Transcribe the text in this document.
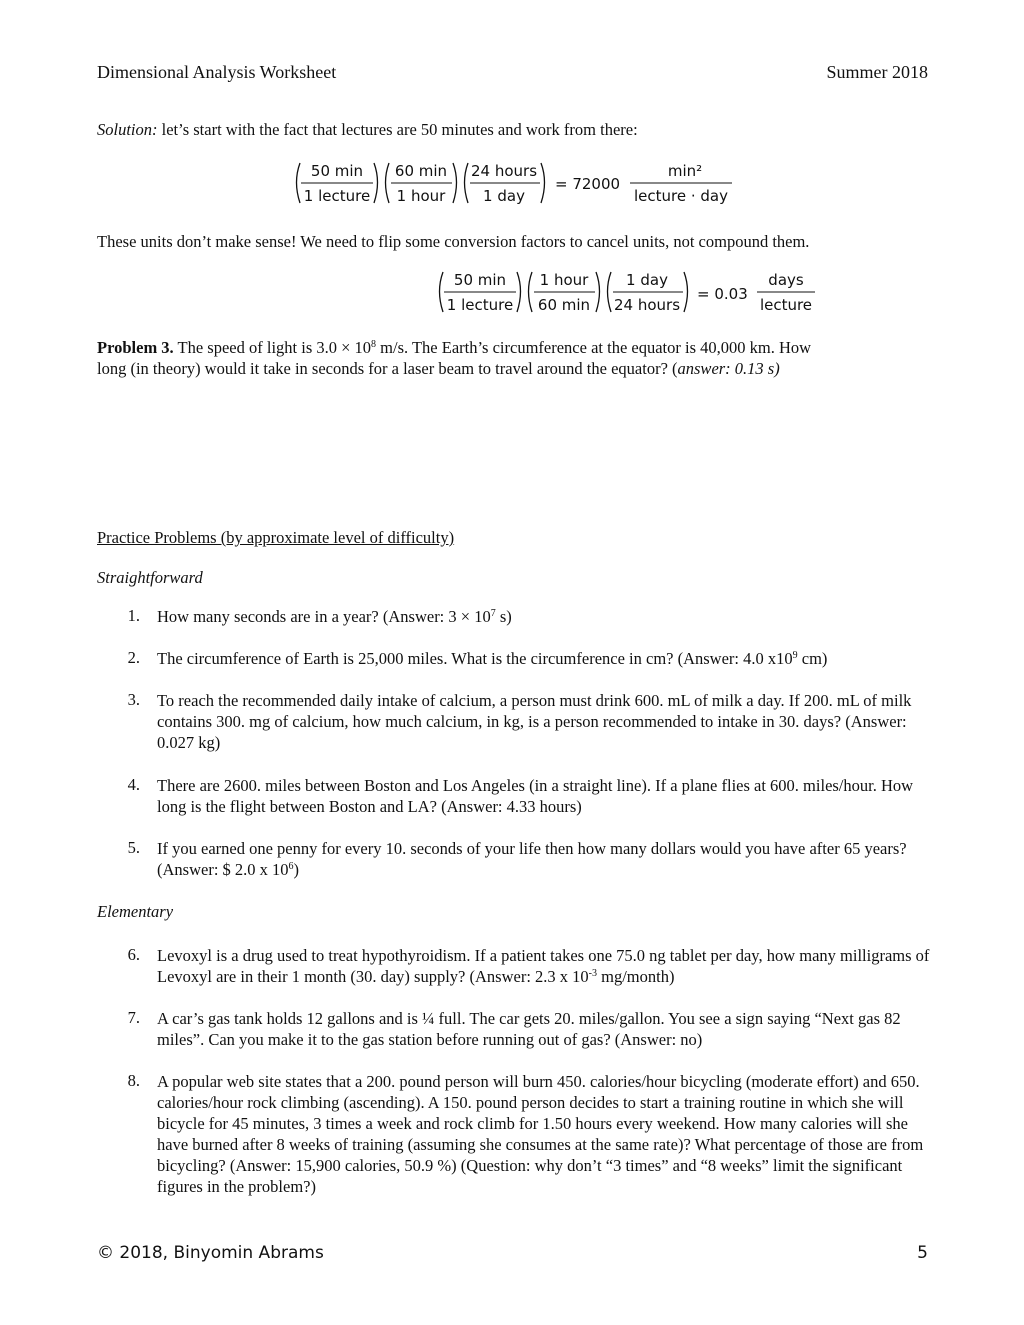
Dimensional Analysis Worksheet	Summer 2018
Solution: let’s start with the fact that lectures are 50 minutes and work from there:
50 min
1 lecture
60 min
1 hour
24 hours
1 day
= 72000
min²
lecture · day
These units don’t make sense! We need to flip some conversion factors to cancel units, not compound them.
50 min
1 lecture
1 hour
60 min
1 day
24 hours
= 0.03
days
lecture
Problem 3. The speed of light is $3.0 \times 10^8$ m/s. The Earth’s circumference at the equator is 40,000 km. How
long (in theory) would it take in seconds for a laser beam to travel around the equator? (answer: 0.13 s)
Practice Problems (by approximate level of difficulty)
Straightforward
1. How many seconds are in a year? (Answer: $3 \times 10^7$ s)
2. The circumference of Earth is 25,000 miles. What is the circumference in cm? (Answer: 4.0 $x10^9$ cm)
3. To reach the recommended daily intake of calcium, a person must drink 600. mL of milk a day. If 200. mL of milk contains 300. mg of calcium, how much calcium, in kg, is a person recommended to intake in 30. days? (Answer: 0.027 kg)
4. There are 2600. miles between Boston and Los Angeles (in a straight line). If a plane flies at 600. miles/hour. How long is the flight between Boston and LA? (Answer: 4.33 hours)
5. If you earned one penny for every 10. seconds of your life then how many dollars would you have after 65 years? (Answer: $ 2.0 x $10^6$)
Elementary
6. Levoxyl is a drug used to treat hypothyroidism. If a patient takes one 75.0 ng tablet per day, how many milligrams of Levoxyl are in their 1 month (30. day) supply? (Answer: 2.3 x $10^{-3}$ mg/month)
7. A car’s gas tank holds 12 gallons and is ¼ full. The car gets 20. miles/gallon. You see a sign saying “Next gas 82 miles”. Can you make it to the gas station before running out of gas? (Answer: no)
8. A popular web site states that a 200. pound person will burn 450. calories/hour bicycling (moderate effort) and 650. calories/hour rock climbing (ascending). A 150. pound person decides to start a training routine in which she will bicycle for 45 minutes, 3 times a week and rock climb for 1.50 hours every weekend. How many calories will she have burned after 8 weeks of training (assuming she consumes at the same rate)? What percentage of those are from bicycling? (Answer: 15,900 calories, 50.9 %) (Question: why don’t “3 times” and “8 weeks” limit the significant figures in the problem?)
© 2018, Binyomin Abrams	5
